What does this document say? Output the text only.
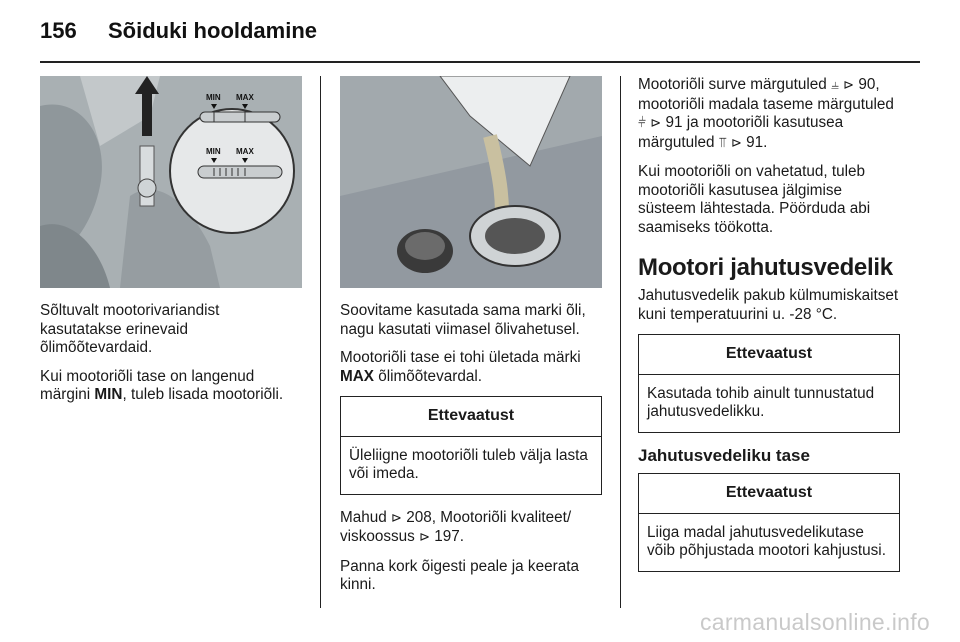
156 Sõiduki hooldamine
MIN MAX
MIN MAX

Sõltuvalt mootorivariandist kasutatakse erinevaid õlimõõtevardaid.

Kui mootoriõli tase on langenud märgini MIN, tuleb lisada mootoriõli.

Soovitame kasutada sama marki õli, nagu kasutati viimasel õlivahetusel.

Mootoriõli tase ei tohi ületada märki MAX õlimõõtevardal.

Ettevaatust
Üleliigne mootoriõli tuleb välja lasta või imeda.

Mahud ⊳ 208, Mootoriõli kvaliteet/ viskoossus ⊳ 197.

Panna kork õigesti peale ja keerata kinni.

Mootoriõli surve märgutuled ⫨ ⊳ 90, mootoriõli madala taseme märgutuled ⫩ ⊳ 91 ja mootoriõli kasutusea märgutuled ⫪ ⊳ 91.

Kui mootoriõli on vahetatud, tuleb mootoriõli kasutusea jälgimise süsteem lähtestada. Pöörduda abi saamiseks töökotta.

Mootori jahutusvedelik

Jahutusvedelik pakub külmumiskaitset kuni temperatuurini u. -28 °C.

Ettevaatust
Kasutada tohib ainult tunnustatud jahutusvedelikku.
Jahutusvedeliku tase
Ettevaatust
Liiga madal jahutusvedelikutase võib põhjustada mootori kahjustusi.
carmanualsonline.info
